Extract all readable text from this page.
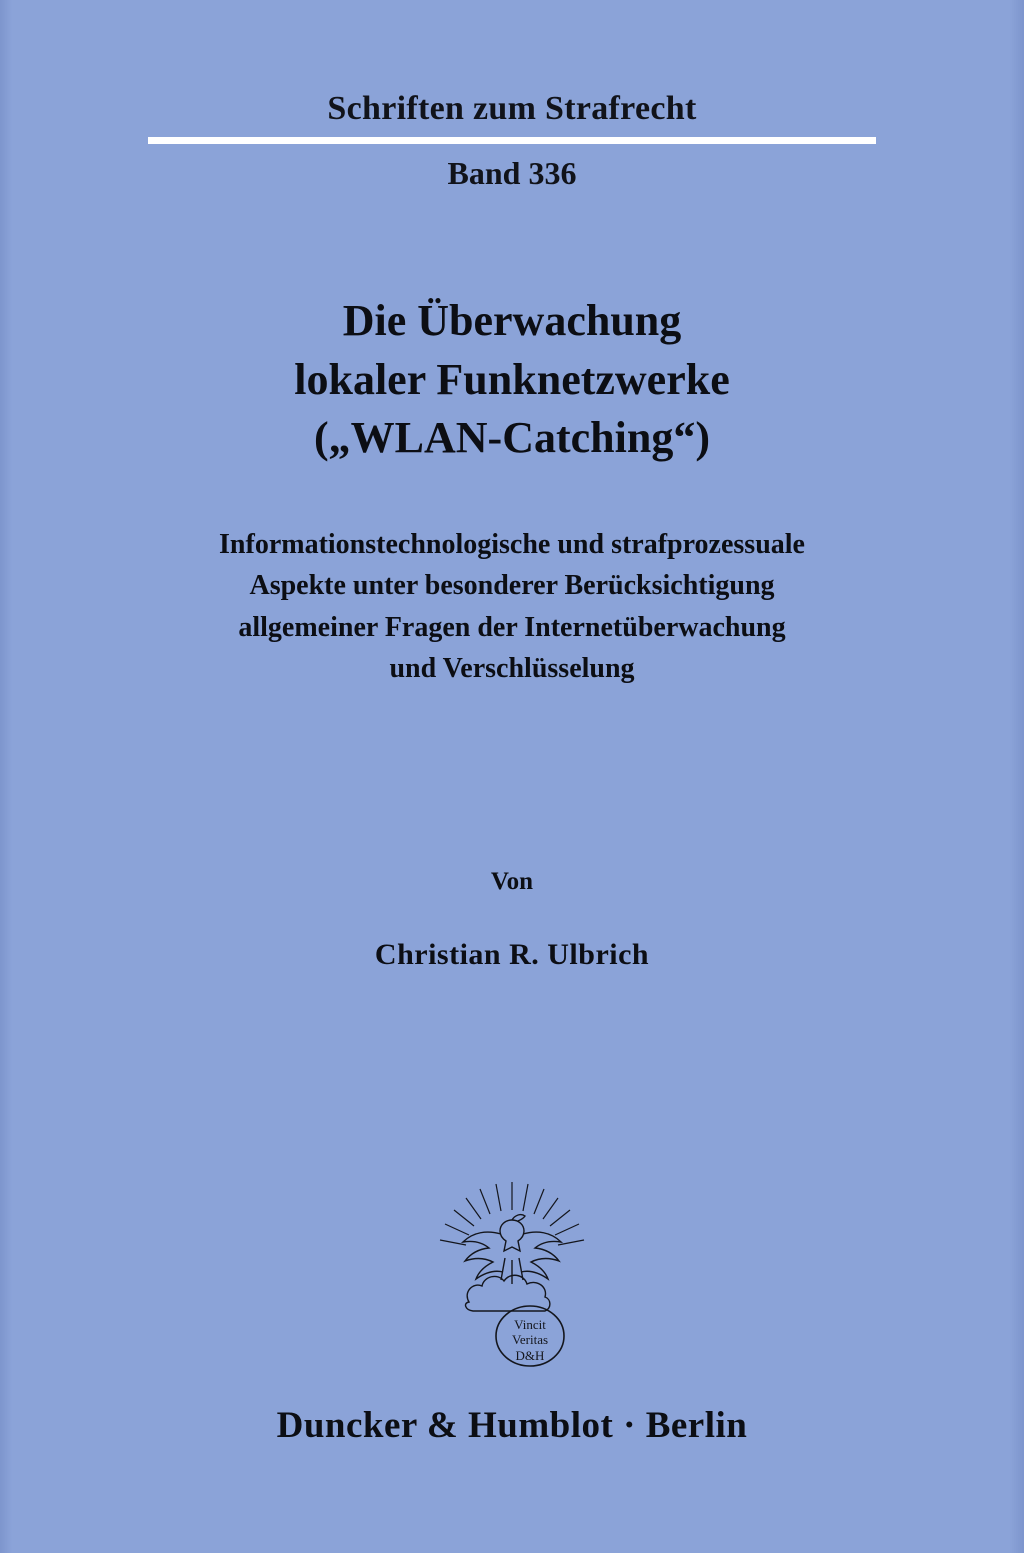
Schriften zum Strafrecht
Band 336
Die Überwachung
lokaler Funknetzwerke
(„WLAN-Catching“)
Informationstechnologische und strafprozessuale
Aspekte unter besonderer Berücksichtigung
allgemeiner Fragen der Internetüberwachung
und Verschlüsselung
Von
Christian R. Ulbrich
Vincit
Veritas
D&H
Duncker & Humblot · Berlin
